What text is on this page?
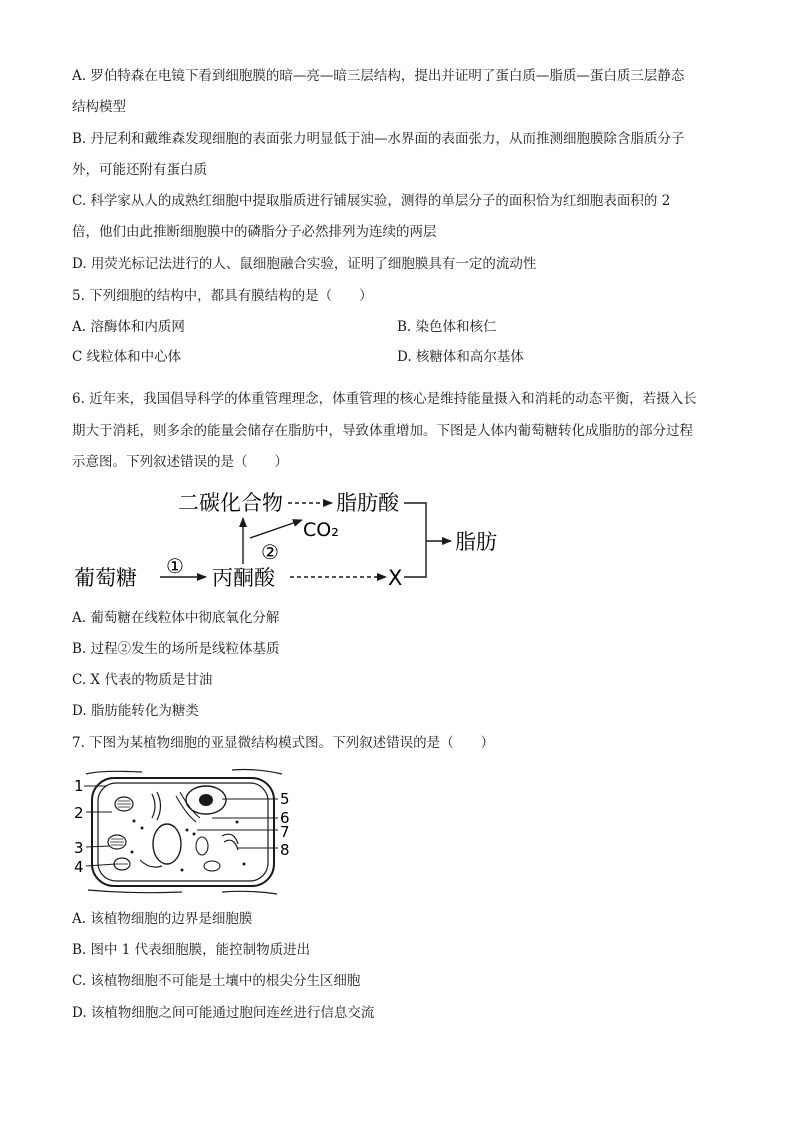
A. 罗伯特森在电镜下看到细胞膜的暗—亮—暗三层结构，提出并证明了蛋白质—脂质—蛋白质三层静态
结构模型
B. 丹尼利和戴维森发现细胞的表面张力明显低于油—水界面的表面张力，从而推测细胞膜除含脂质分子
外，可能还附有蛋白质
C. 科学家从人的成熟红细胞中提取脂质进行铺展实验，测得的单层分子的面积恰为红细胞表面积的 2
倍，他们由此推断细胞膜中的磷脂分子必然排列为连续的两层
D. 用荧光标记法进行的人、鼠细胞融合实验，证明了细胞膜具有一定的流动性
5. 下列细胞的结构中，都具有膜结构的是（　　）
A. 溶酶体和内质网	B. 染色体和核仁
C 线粒体和中心体	D. 核糖体和高尔基体
6. 近年来，我国倡导科学的体重管理理念，体重管理的核心是维持能量摄入和消耗的动态平衡，若摄入长
期大于消耗，则多余的能量会储存在脂肪中，导致体重增加。下图是人体内葡萄糖转化成脂肪的部分过程
示意图。下列叙述错误的是（　　）
葡萄糖 ① 丙酮酸
②
CO₂
二碳化合物	脂肪酸
X
脂肪
A. 葡萄糖在线粒体中彻底氧化分解
B. 过程②发生的场所是线粒体基质
C. X 代表的物质是甘油
D. 脂肪能转化为糖类
7. 下图为某植物细胞的亚显微结构模式图。下列叙述错误的是（　　）
1
2
3
4
5
6
7
8
A. 该植物细胞的边界是细胞膜
B. 图中 1 代表细胞膜，能控制物质进出
C. 该植物细胞不可能是土壤中的根尖分生区细胞
D. 该植物细胞之间可能通过胞间连丝进行信息交流
